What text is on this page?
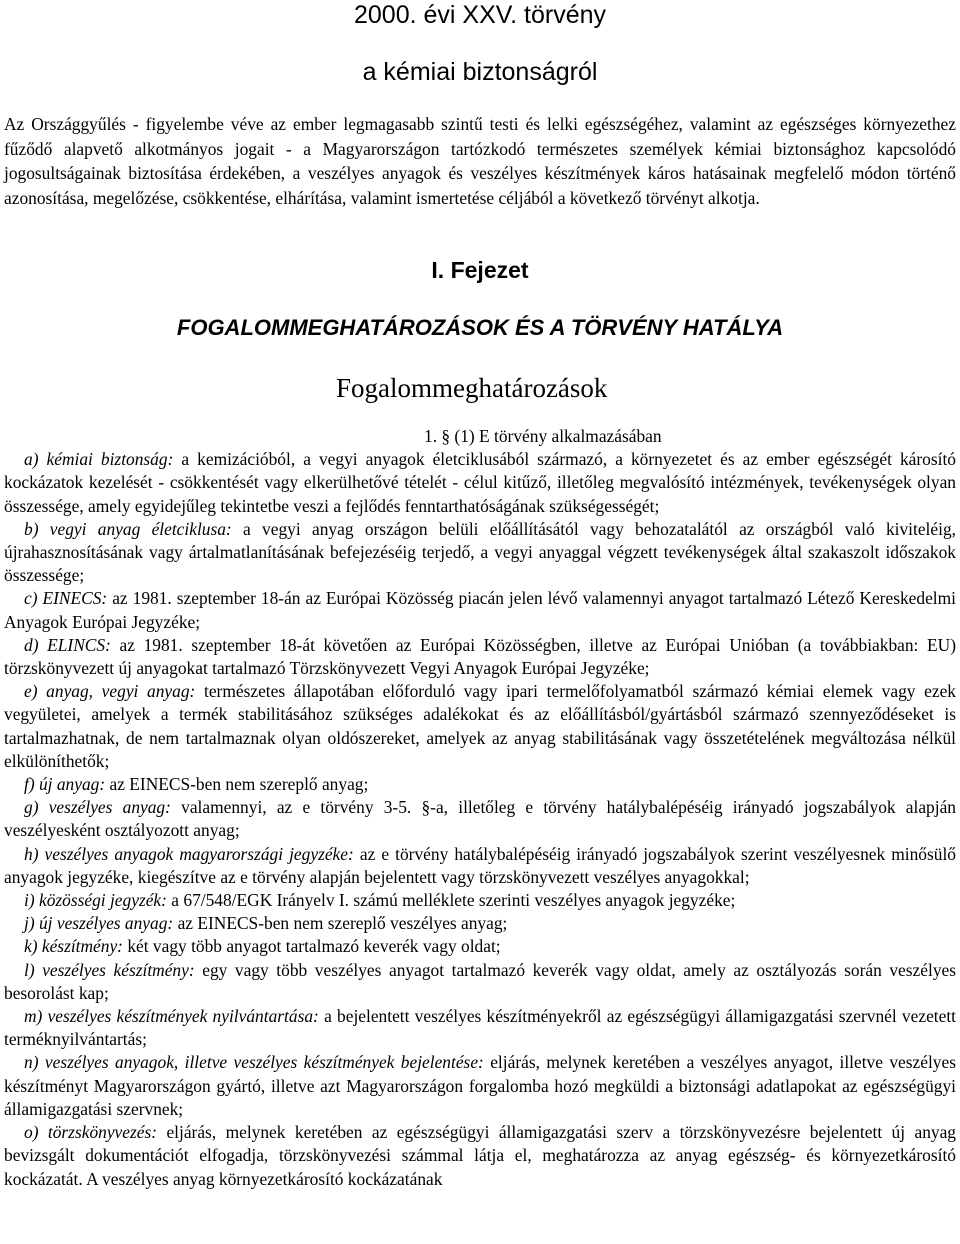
2000. évi XXV. törvény
a kémiai biztonságról
Az Országgyűlés - figyelembe véve az ember legmagasabb szintű testi és lelki egészségéhez, valamint az egészséges környezethez fűződő alapvető alkotmányos jogait - a Magyarországon tartózkodó természetes személyek kémiai biztonsághoz kapcsolódó jogosultságainak biztosítása érdekében, a veszélyes anyagok és veszélyes készítmények káros hatásainak megfelelő módon történő azonosítása, megelőzése, csökkentése, elhárítása, valamint ismertetése céljából a következő törvényt alkotja.
I. Fejezet
FOGALOMMEGHATÁROZÁSOK ÉS A TÖRVÉNY HATÁLYA
Fogalommeghatározások

1. § (1) E törvény alkalmazásában

a) kémiai biztonság: a kemizációból, a vegyi anyagok életciklusából származó, a környezetet és az ember egészségét károsító kockázatok kezelését - csökkentését vagy elkerülhetővé tételét - célul kitűző, illetőleg megvalósító intézmények, tevékenységek olyan összessége, amely egyidejűleg tekintetbe veszi a fejlődés fenntarthatóságának szükségességét;

b) vegyi anyag életciklusa: a vegyi anyag országon belüli előállításától vagy behozatalától az országból való kiviteléig, újrahasznosításának vagy ártalmatlanításának befejezéséig terjedő, a vegyi anyaggal végzett tevékenységek által szakaszolt időszakok összessége;

c) EINECS: az 1981. szeptember 18-án az Európai Közösség piacán jelen lévő valamennyi anyagot tartalmazó Létező Kereskedelmi Anyagok Európai Jegyzéke;

d) ELINCS: az 1981. szeptember 18-át követően az Európai Közösségben, illetve az Európai Unióban (a továbbiakban: EU) törzskönyvezett új anyagokat tartalmazó Törzskönyvezett Vegyi Anyagok Európai Jegyzéke;

e) anyag, vegyi anyag: természetes állapotában előforduló vagy ipari termelőfolyamatból származó kémiai elemek vagy ezek vegyületei, amelyek a termék stabilitásához szükséges adalékokat és az előállításból/gyártásból származó szennyeződéseket is tartalmazhatnak, de nem tartalmaznak olyan oldószereket, amelyek az anyag stabilitásának vagy összetételének megváltozása nélkül elkülöníthetők;

f) új anyag: az EINECS-ben nem szereplő anyag;

g) veszélyes anyag: valamennyi, az e törvény 3-5. §-a, illetőleg e törvény hatálybalépéséig irányadó jogszabályok alapján veszélyesként osztályozott anyag;

h) veszélyes anyagok magyarországi jegyzéke: az e törvény hatálybalépéséig irányadó jogszabályok szerint veszélyesnek minősülő anyagok jegyzéke, kiegészítve az e törvény alapján bejelentett vagy törzskönyvezett veszélyes anyagokkal;

i) közösségi jegyzék: a 67/548/EGK Irányelv I. számú melléklete szerinti veszélyes anyagok jegyzéke;

j) új veszélyes anyag: az EINECS-ben nem szereplő veszélyes anyag;

k) készítmény: két vagy több anyagot tartalmazó keverék vagy oldat;

l) veszélyes készítmény: egy vagy több veszélyes anyagot tartalmazó keverék vagy oldat, amely az osztályozás során veszélyes besorolást kap;

m) veszélyes készítmények nyilvántartása: a bejelentett veszélyes készítményekről az egészségügyi államigazgatási szervnél vezetett terméknyilvántartás;

n) veszélyes anyagok, illetve veszélyes készítmények bejelentése: eljárás, melynek keretében a veszélyes anyagot, illetve veszélyes készítményt Magyarországon gyártó, illetve azt Magyarországon forgalomba hozó megküldi a biztonsági adatlapokat az egészségügyi államigazgatási szervnek;

o) törzskönyvezés: eljárás, melynek keretében az egészségügyi államigazgatási szerv a törzskönyvezésre bejelentett új anyag bevizsgált dokumentációt elfogadja, törzskönyvezési számmal látja el, meghatározza az anyag egészség- és környezetkárosító kockázatát. A veszélyes anyag környezetkárosító kockázatának
